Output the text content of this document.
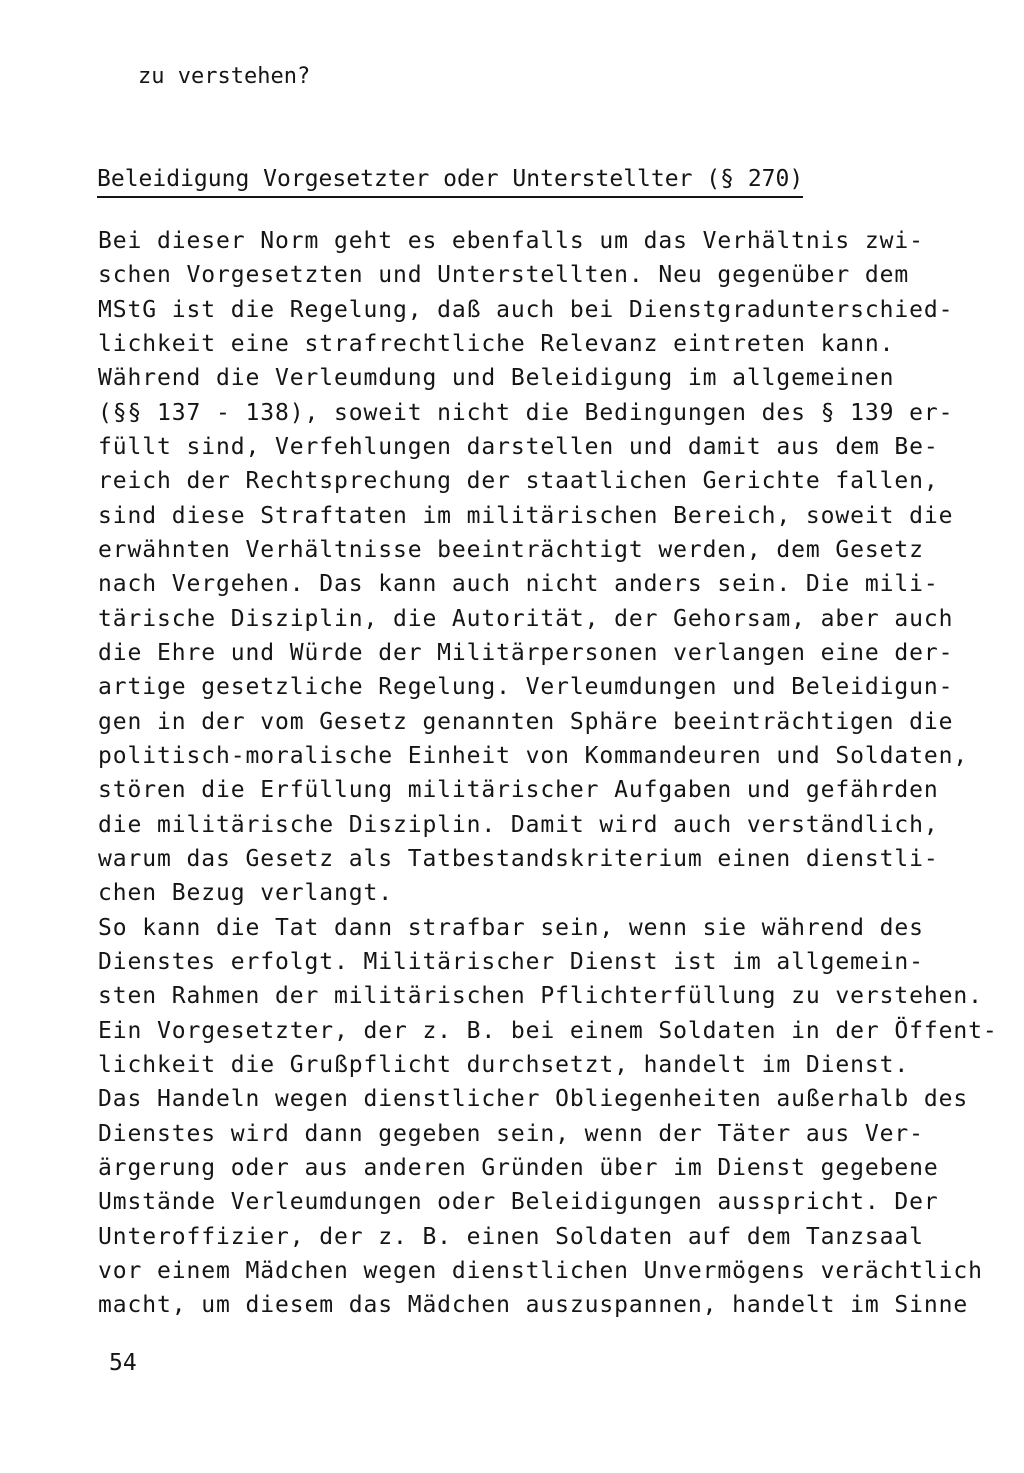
zu verstehen?
Beleidigung Vorgesetzter oder Unterstellter (§ 270)
Bei dieser Norm geht es ebenfalls um das Verhältnis zwi-
schen Vorgesetzten und Unterstellten. Neu gegenüber dem
MStG ist die Regelung, daß auch bei Dienstgradunterschied-
lichkeit eine strafrechtliche Relevanz eintreten kann.
Während die Verleumdung und Beleidigung im allgemeinen
(§§ 137 - 138), soweit nicht die Bedingungen des § 139 er-
füllt sind, Verfehlungen darstellen und damit aus dem Be-
reich der Rechtsprechung der staatlichen Gerichte fallen,
sind diese Straftaten im militärischen Bereich, soweit die
erwähnten Verhältnisse beeinträchtigt werden, dem Gesetz
nach Vergehen. Das kann auch nicht anders sein. Die mili-
tärische Disziplin, die Autorität, der Gehorsam, aber auch
die Ehre und Würde der Militärpersonen verlangen eine der-
artige gesetzliche Regelung. Verleumdungen und Beleidigun-
gen in der vom Gesetz genannten Sphäre beeinträchtigen die
politisch-moralische Einheit von Kommandeuren und Soldaten,
stören die Erfüllung militärischer Aufgaben und gefährden
die militärische Disziplin. Damit wird auch verständlich,
warum das Gesetz als Tatbestandskriterium einen dienstli-
chen Bezug verlangt.
So kann die Tat dann strafbar sein, wenn sie während des
Dienstes erfolgt. Militärischer Dienst ist im allgemein-
sten Rahmen der militärischen Pflichterfüllung zu verstehen.
Ein Vorgesetzter, der z. B. bei einem Soldaten in der Öffent-
lichkeit die Grußpflicht durchsetzt, handelt im Dienst.
Das Handeln wegen dienstlicher Obliegenheiten außerhalb des
Dienstes wird dann gegeben sein, wenn der Täter aus Ver-
ärgerung oder aus anderen Gründen über im Dienst gegebene
Umstände Verleumdungen oder Beleidigungen ausspricht. Der
Unteroffizier, der z. B. einen Soldaten auf dem Tanzsaal
vor einem Mädchen wegen dienstlichen Unvermögens verächtlich
macht, um diesem das Mädchen auszuspannen, handelt im Sinne
54
